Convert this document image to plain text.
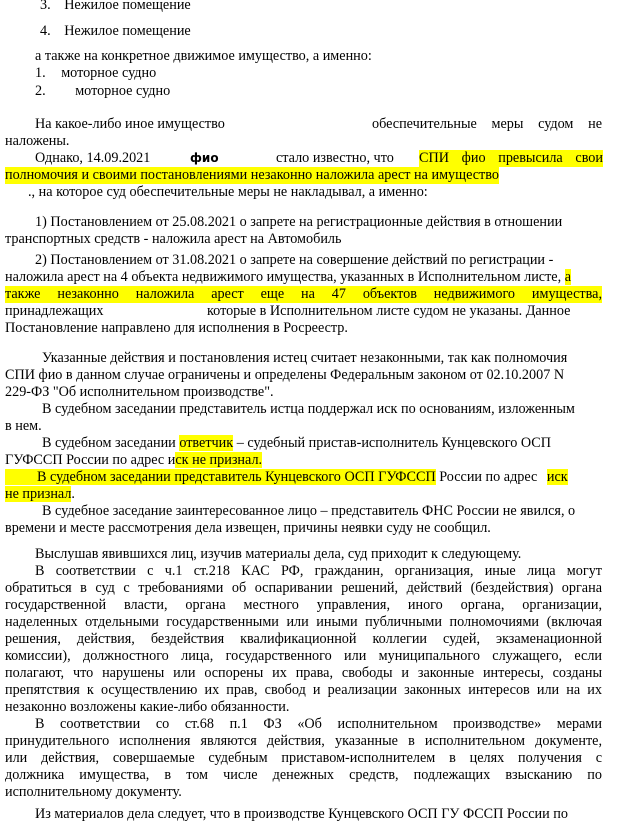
3. Нежилое помещение
4. Нежилое помещение
а также на конкретное движимое имущество, а именно:
1. моторное судно
2. моторное судно
На какое-либо иное имущество	обеспечительные меры судом не
наложены.
Однако, 14.09.2021	фио	стало известно, что СПИ фио превысила свои
полномочия и своими постановлениями незаконно наложила арест на имущество
., на которое суд обеспечительные меры не накладывал, а именно:
1) Постановлением от 25.08.2021 о запрете на регистрационные действия в отношении
транспортных средств - наложила арест на Автомобиль
2) Постановлением от 31.08.2021 о запрете на совершение действий по регистрации -
наложила арест на 4 объекта недвижимого имущества, указанных в Исполнительном листе, а
также незаконно наложила арест еще на 47 объектов недвижимого имущества,
принадлежащих	которые в Исполнительном листе судом не указаны. Данное
Постановление направлено для исполнения в Росреестр.
Указанные действия и постановления истец считает незаконными, так как полномочия
СПИ фио в данном случае ограничены и определены Федеральным законом от 02.10.2007 N
229-ФЗ "Об исполнительном производстве".
В судебном заседании представитель истца поддержал иск по основаниям, изложенным
в нем.
В судебном заседании ответчик – судебный пристав-исполнитель Кунцевского ОСП
ГУФССП России по адрес иск не признал.
В судебном заседании представитель Кунцевского ОСП ГУФССП России по адрес иск
не признал.
В судебное заседание заинтересованное лицо – представитель ФНС России не явился, о
времени и месте рассмотрения дела извещен, причины неявки суду не сообщил.
Выслушав явившихся лиц, изучив материалы дела, суд приходит к следующему.
В соответствии с ч.1 ст.218 КАС РФ, гражданин, организация, иные лица могут
обратиться в суд с требованиями об оспаривании решений, действий (бездействия) органа
государственной власти, органа местного управления, иного органа, организации,
наделенных отдельными государственными или иными публичными полномочиями (включая
решения, действия, бездействия квалификационной коллегии судей, экзаменационной
комиссии), должностного лица, государственного или муниципального служащего, если
полагают, что нарушены или оспорены их права, свободы и законные интересы, созданы
препятствия к осуществлению их прав, свобод и реализации законных интересов или на их
незаконно возложены какие-либо обязанности.
В соответствии со ст.68 п.1 ФЗ «Об исполнительном производстве» мерами
принудительного исполнения являются действия, указанные в исполнительном документе,
или действия, совершаемые судебным приставом-исполнителем в целях получения с
должника имущества, в том числе денежных средств, подлежащих взысканию по
исполнительному документу.
Из материалов дела следует, что в производстве Кунцевского ОСП ГУ ФССП России по
